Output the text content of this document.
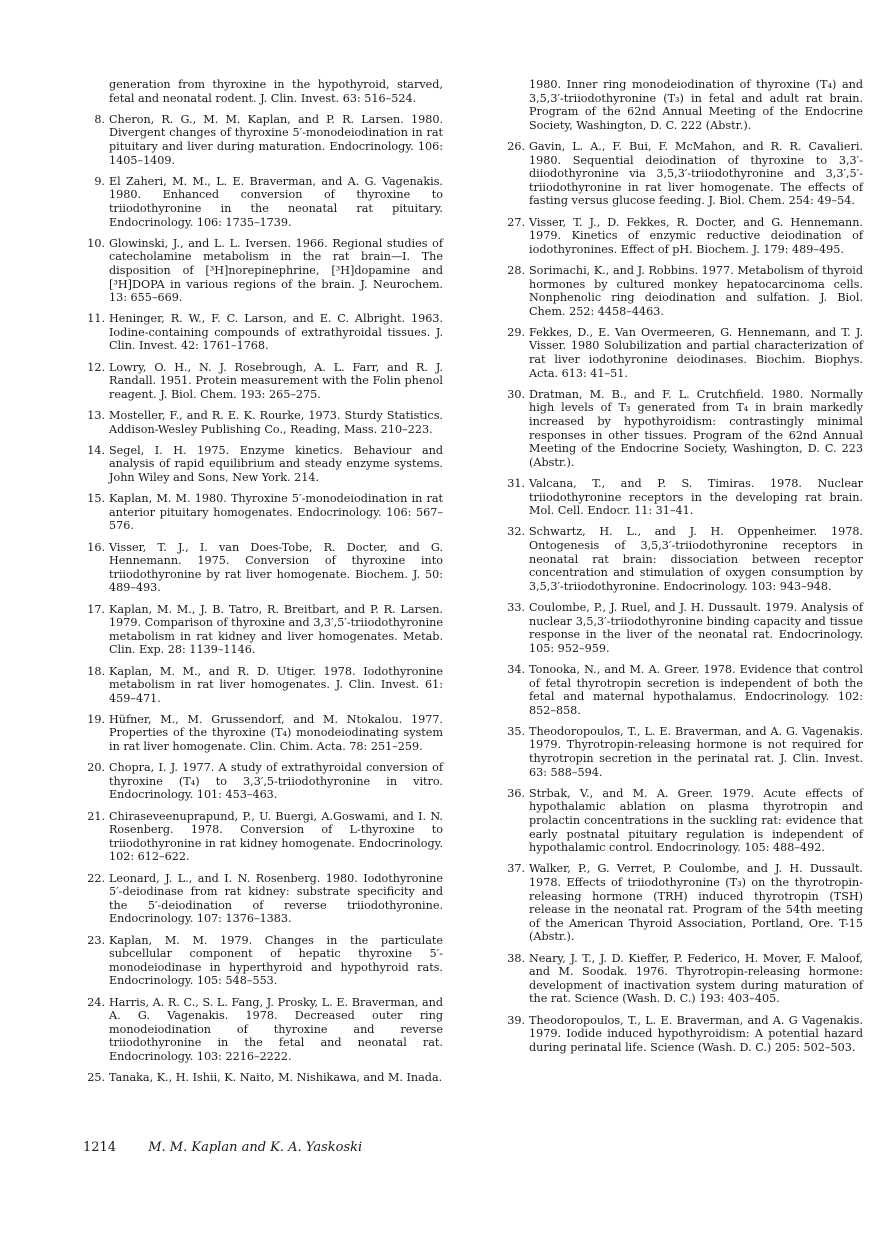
generation from thyroxine in the hypothyroid, starved, fetal and neonatal rodent. J. Clin. Invest. 63: 516–524.
8. Cheron, R. G., M. M. Kaplan, and P. R. Larsen. 1980. Divergent changes of thyroxine 5′-monodeiodination in rat pituitary and liver during maturation. Endocrinology. 106: 1405–1409.
9. El Zaheri, M. M., L. E. Braverman, and A. G. Vagenakis. 1980. Enhanced conversion of thyroxine to triiodothyronine in the neonatal rat pituitary. Endocrinology. 106: 1735–1739.
10. Glowinski, J., and L. L. Iversen. 1966. Regional studies of catecholamine metabolism in the rat brain—I. The disposition of [³H]norepinephrine, [³H]dopamine and [³H]DOPA in various regions of the brain. J. Neurochem. 13: 655–669.
11. Heninger, R. W., F. C. Larson, and E. C. Albright. 1963. Iodine-containing compounds of extrathyroidal tissues. J. Clin. Invest. 42: 1761–1768.
12. Lowry, O. H., N. J. Rosebrough, A. L. Farr, and R. J. Randall. 1951. Protein measurement with the Folin phenol reagent. J. Biol. Chem. 193: 265–275.
13. Mosteller, F., and R. E. K. Rourke, 1973. Sturdy Statistics. Addison-Wesley Publishing Co., Reading, Mass. 210–223.
14. Segel, I. H. 1975. Enzyme kinetics. Behaviour and analysis of rapid equilibrium and steady enzyme systems. John Wiley and Sons, New York. 214.
15. Kaplan, M. M. 1980. Thyroxine 5′-monodeiodination in rat anterior pituitary homogenates. Endocrinology. 106: 567–576.
16. Visser, T. J., I. van Does-Tobe, R. Docter, and G. Hennemann. 1975. Conversion of thyroxine into triiodothyronine by rat liver homogenate. Biochem. J. 50: 489–493.
17. Kaplan, M. M., J. B. Tatro, R. Breitbart, and P. R. Larsen. 1979. Comparison of thyroxine and 3,3′,5′-triiodothyronine metabolism in rat kidney and liver homogenates. Metab. Clin. Exp. 28: 1139–1146.
18. Kaplan, M. M., and R. D. Utiger. 1978. Iodothyronine metabolism in rat liver homogenates. J. Clin. Invest. 61: 459–471.
19. Hüfner, M., M. Grussendorf, and M. Ntokalou. 1977. Properties of the thyroxine (T₄) monodeiodinating system in rat liver homogenate. Clin. Chim. Acta. 78: 251–259.
20. Chopra, I. J. 1977. A study of extrathyroidal conversion of thyroxine (T₄) to 3,3′,5-triiodothyronine in vitro. Endocrinology. 101: 453–463.
21. Chiraseveenuprapund, P., U. Buergi, A.Goswami, and I. N. Rosenberg. 1978. Conversion of L-thyroxine to triiodothyronine in rat kidney homogenate. Endocrinology. 102: 612–622.
22. Leonard, J. L., and I. N. Rosenberg. 1980. Iodothyronine 5′-deiodinase from rat kidney: substrate specificity and the 5′-deiodination of reverse triiodothyronine. Endocrinology. 107: 1376–1383.
23. Kaplan, M. M. 1979. Changes in the particulate subcellular component of hepatic thyroxine 5′-monodeiodinase in hyperthyroid and hypothyroid rats. Endocrinology. 105: 548–553.
24. Harris, A. R. C., S. L. Fang, J. Prosky, L. E. Braverman, and A. G. Vagenakis. 1978. Decreased outer ring monodeiodination of thyroxine and reverse triiodothyronine in the fetal and neonatal rat. Endocrinology. 103: 2216–2222.
25. Tanaka, K., H. Ishii, K. Naito, M. Nishikawa, and M. Inada.
1980. Inner ring monodeiodination of thyroxine (T₄) and 3,5,3′-triiodothyronine (T₃) in fetal and adult rat brain. Program of the 62nd Annual Meeting of the Endocrine Society, Washington, D. C. 222 (Abstr.).
26. Gavin, L. A., F. Bui, F. McMahon, and R. R. Cavalieri. 1980. Sequential deiodination of thyroxine to 3,3′-diiodothyronine via 3,5,3′-triiodothyronine and 3,3′,5′-triiodothyronine in rat liver homogenate. The effects of fasting versus glucose feeding. J. Biol. Chem. 254: 49–54.
27. Visser, T. J., D. Fekkes, R. Docter, and G. Hennemann. 1979. Kinetics of enzymic reductive deiodination of iodothyronines. Effect of pH. Biochem. J. 179: 489–495.
28. Sorimachi, K., and J. Robbins. 1977. Metabolism of thyroid hormones by cultured monkey hepatocarcinoma cells. Nonphenolic ring deiodination and sulfation. J. Biol. Chem. 252: 4458–4463.
29. Fekkes, D., E. Van Overmeeren, G. Hennemann, and T. J. Visser. 1980 Solubilization and partial characterization of rat liver iodothyronine deiodinases. Biochim. Biophys. Acta. 613: 41–51.
30. Dratman, M. B., and F. L. Crutchfield. 1980. Normally high levels of T₃ generated from T₄ in brain markedly increased by hypothyroidism: contrastingly minimal responses in other tissues. Program of the 62nd Annual Meeting of the Endocrine Society, Washington, D. C. 223 (Abstr.).
31. Valcana, T., and P. S. Timiras. 1978. Nuclear triiodothyronine receptors in the developing rat brain. Mol. Cell. Endocr. 11: 31–41.
32. Schwartz, H. L., and J. H. Oppenheimer. 1978. Ontogenesis of 3,5,3′-triiodothyronine receptors in neonatal rat brain: dissociation between receptor concentration and stimulation of oxygen consumption by 3,5,3′-triiodothyronine. Endocrinology. 103: 943–948.
33. Coulombe, P., J. Ruel, and J. H. Dussault. 1979. Analysis of nuclear 3,5,3′-triiodothyronine binding capacity and tissue response in the liver of the neonatal rat. Endocrinology. 105: 952–959.
34. Tonooka, N., and M. A. Greer. 1978. Evidence that control of fetal thyrotropin secretion is independent of both the fetal and maternal hypothalamus. Endocrinology. 102: 852–858.
35. Theodoropoulos, T., L. E. Braverman, and A. G. Vagenakis. 1979. Thyrotropin-releasing hormone is not required for thyrotropin secretion in the perinatal rat. J. Clin. Invest. 63: 588–594.
36. Strbak, V., and M. A. Greer. 1979. Acute effects of hypothalamic ablation on plasma thyrotropin and prolactin concentrations in the suckling rat: evidence that early postnatal pituitary regulation is independent of hypothalamic control. Endocrinology. 105: 488–492.
37. Walker, P., G. Verret, P. Coulombe, and J. H. Dussault. 1978. Effects of triiodothyronine (T₃) on the thyrotropin-releasing hormone (TRH) induced thyrotropin (TSH) release in the neonatal rat. Program of the 54th meeting of the American Thyroid Association, Portland, Ore. T-15 (Abstr.).
38. Neary, J. T., J. D. Kieffer, P. Federico, H. Mover, F. Maloof, and M. Soodak. 1976. Thyrotropin-releasing hormone: development of inactivation system during maturation of the rat. Science (Wash. D. C.) 193: 403–405.
39. Theodoropoulos, T., L. E. Braverman, and A. G Vagenakis. 1979. Iodide induced hypothyroidism: A potential hazard during perinatal life. Science (Wash. D. C.) 205: 502–503.
1214 M. M. Kaplan and K. A. Yaskoski
